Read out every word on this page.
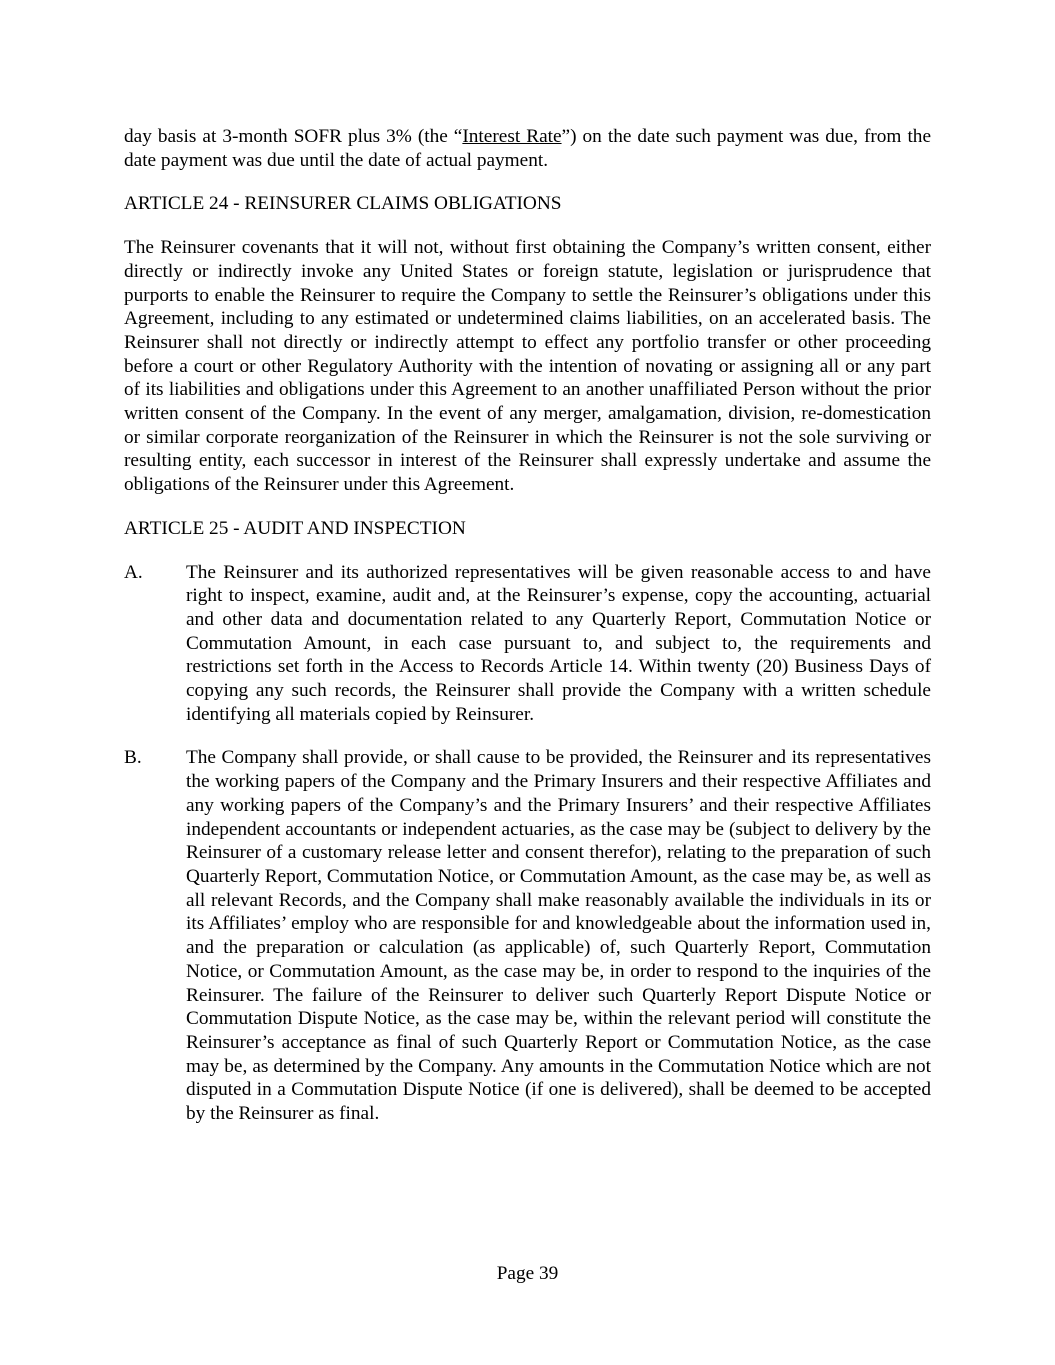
day basis at 3-month SOFR plus 3% (the “Interest Rate”) on the date such payment was due, from the date payment was due until the date of actual payment.

ARTICLE 24 - REINSURER CLAIMS OBLIGATIONS

The Reinsurer covenants that it will not, without first obtaining the Company’s written consent, either directly or indirectly invoke any United States or foreign statute, legislation or jurisprudence that purports to enable the Reinsurer to require the Company to settle the Reinsurer’s obligations under this Agreement, including to any estimated or undetermined claims liabilities, on an accelerated basis. The Reinsurer shall not directly or indirectly attempt to effect any portfolio transfer or other proceeding before a court or other Regulatory Authority with the intention of novating or assigning all or any part of its liabilities and obligations under this Agreement to an another unaffiliated Person without the prior written consent of the Company. In the event of any merger, amalgamation, division, re-domestication or similar corporate reorganization of the Reinsurer in which the Reinsurer is not the sole surviving or resulting entity, each successor in interest of the Reinsurer shall expressly undertake and assume the obligations of the Reinsurer under this Agreement.

ARTICLE 25 - AUDIT AND INSPECTION

A.	The Reinsurer and its authorized representatives will be given reasonable access to and have right to inspect, examine, audit and, at the Reinsurer’s expense, copy the accounting, actuarial and other data and documentation related to any Quarterly Report, Commutation Notice or Commutation Amount, in each case pursuant to, and subject to, the requirements and restrictions set forth in the Access to Records Article 14. Within twenty (20) Business Days of copying any such records, the Reinsurer shall provide the Company with a written schedule identifying all materials copied by Reinsurer.
B.	The Company shall provide, or shall cause to be provided, the Reinsurer and its representatives the working papers of the Company and the Primary Insurers and their respective Affiliates and any working papers of the Company’s and the Primary Insurers’ and their respective Affiliates independent accountants or independent actuaries, as the case may be (subject to delivery by the Reinsurer of a customary release letter and consent therefor), relating to the preparation of such Quarterly Report, Commutation Notice, or Commutation Amount, as the case may be, as well as all relevant Records, and the Company shall make reasonably available the individuals in its or its Affiliates’ employ who are responsible for and knowledgeable about the information used in, and the preparation or calculation (as applicable) of, such Quarterly Report, Commutation Notice, or Commutation Amount, as the case may be, in order to respond to the inquiries of the Reinsurer. The failure of the Reinsurer to deliver such Quarterly Report Dispute Notice or Commutation Dispute Notice, as the case may be, within the relevant period will constitute the Reinsurer’s acceptance as final of such Quarterly Report or Commutation Notice, as the case may be, as determined by the Company. Any amounts in the Commutation Notice which are not disputed in a Commutation Dispute Notice (if one is delivered), shall be deemed to be accepted by the Reinsurer as final.
Page 39
